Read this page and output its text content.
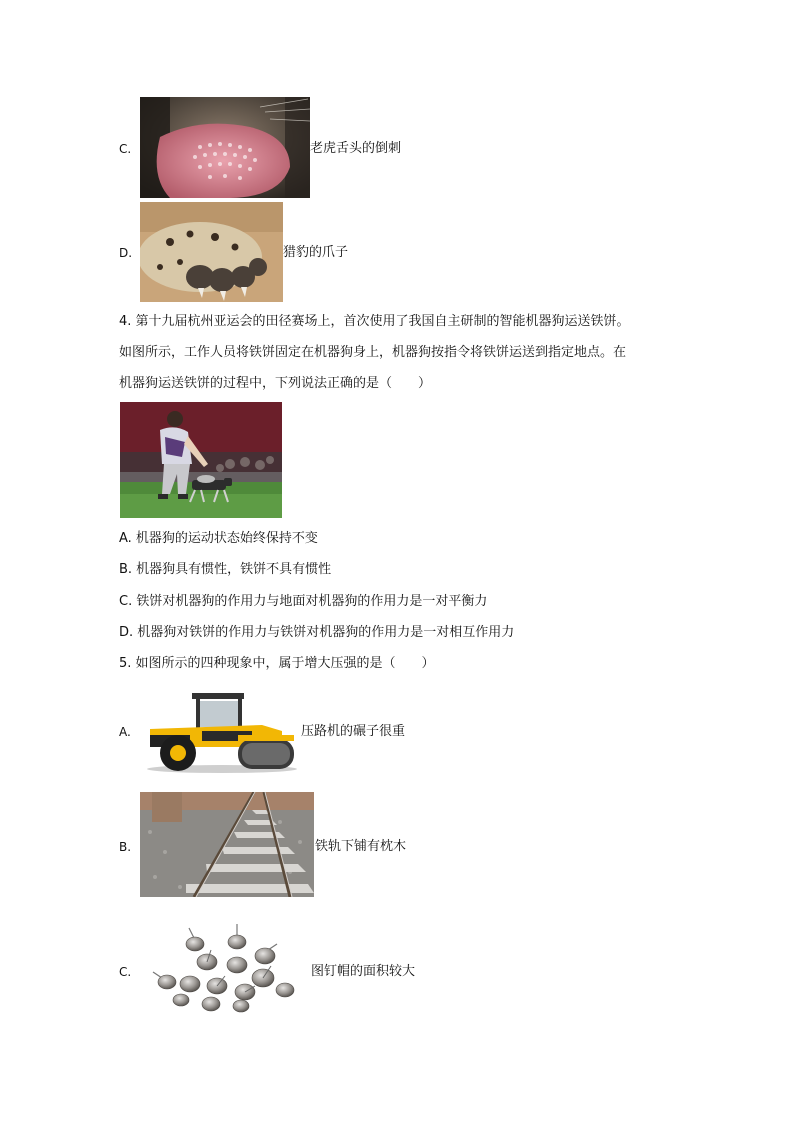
C.	老虎舌头的倒刺
D.	猎豹的爪子
4. 第十九届杭州亚运会的田径赛场上，首次使用了我国自主研制的智能机器狗运送铁饼。
如图所示，工作人员将铁饼固定在机器狗身上，机器狗按指令将铁饼运送到指定地点。在
机器狗运送铁饼的过程中，下列说法正确的是（　　）
A. 机器狗的运动状态始终保持不变
B. 机器狗具有惯性，铁饼不具有惯性
C. 铁饼对机器狗的作用力与地面对机器狗的作用力是一对平衡力
D. 机器狗对铁饼的作用力与铁饼对机器狗的作用力是一对相互作用力
5. 如图所示的四种现象中，属于增大压强的是（　　）
A.	压路机的碾子很重
B.	铁轨下铺有枕木
C.	图钉帽的面积较大
